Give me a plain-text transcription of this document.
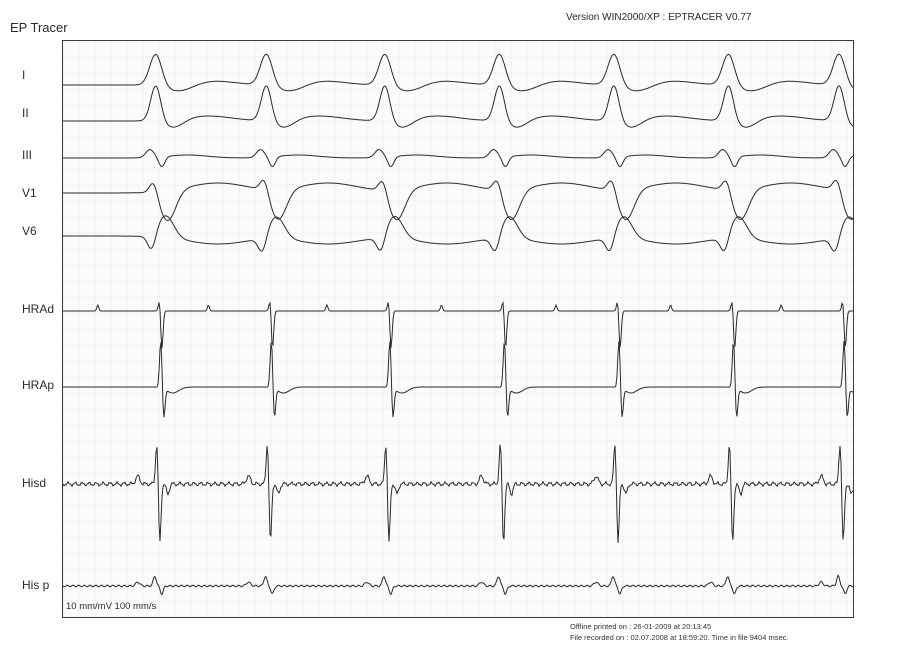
EP Tracer
Version WIN2000/XP : EPTRACER V0.77
I
II
III
V1
V6
HRAd
HRAp
Hisd
His p
10 mm/mV 100 mm/s
Offline printed on : 26-01-2009 at 20:13:45
File recorded on : 02.07.2008 at 18:59:20. Time in file 9404 msec.
